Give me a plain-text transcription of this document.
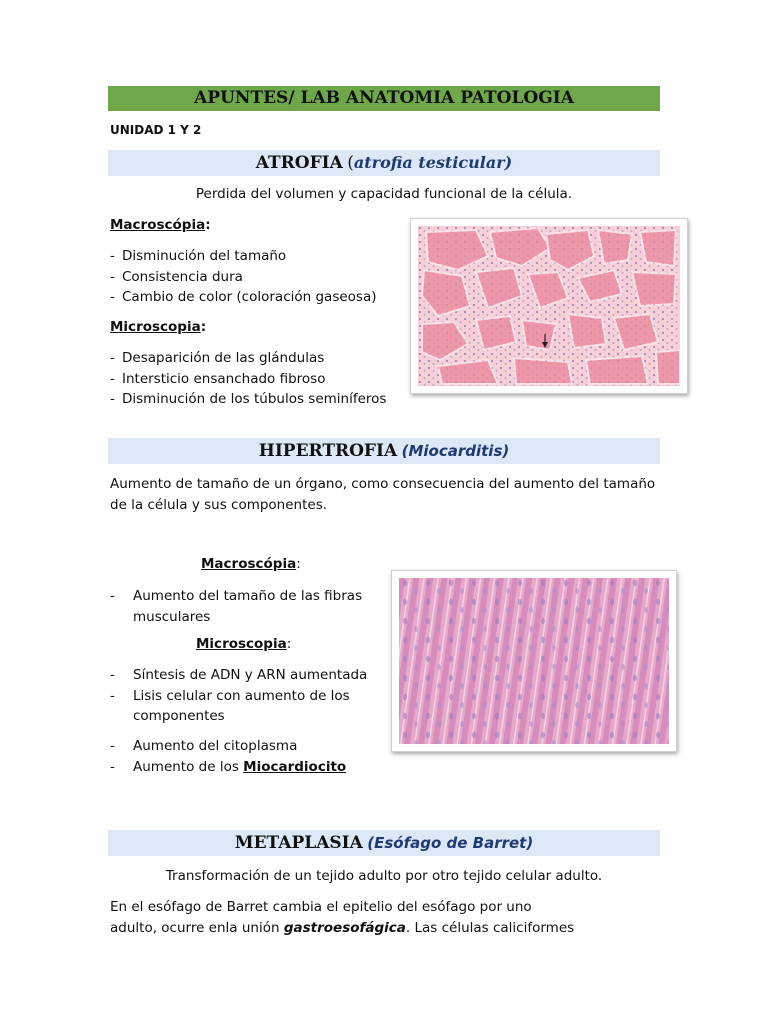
APUNTES/ LAB ANATOMIA PATOLOGIA
UNIDAD 1 Y 2
ATROFIA (atrofia testicular)
Perdida del volumen y capacidad funcional de la célula.
Macroscópia:
- Disminución del tamaño
- Consistencia dura
- Cambio de color (coloración gaseosa)
Microscopia:
- Desaparición de las glándulas
- Intersticio ensanchado fibroso
- Disminución de los túbulos seminíferos
HIPERTROFIA (Miocarditis)
Aumento de tamaño de un órgano, como consecuencia del aumento del tamaño de la célula y sus componentes.
Macroscópia:
- Aumento del tamaño de las fibras musculares
Microscopia:
- Síntesis de ADN y ARN aumentada
- Lisis celular con aumento de los componentes
- Aumento del citoplasma
- Aumento de los Miocardiocito
METAPLASIA (Esófago de Barret)
Transformación de un tejido adulto por otro tejido celular adulto.
En el esófago de Barret cambia el epitelio del esófago por uno
adulto, ocurre enla unión gastroesofágica. Las células caliciformes
